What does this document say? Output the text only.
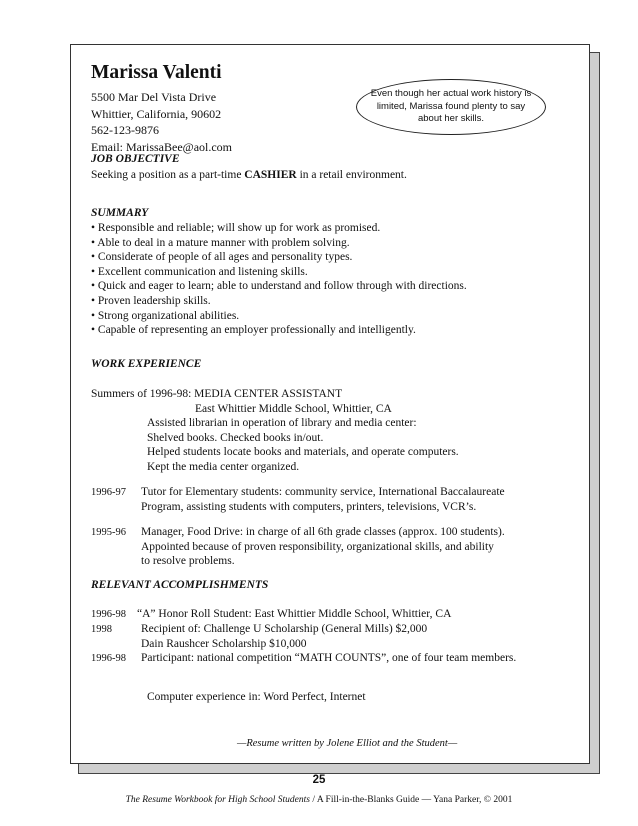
Marissa Valenti
5500 Mar Del Vista Drive
Whittier, California, 90602
562-123-9876
Email: MarissaBee@aol.com
Even though her actual work history is limited, Marissa found plenty to say about her skills.
JOB OBJECTIVE
Seeking a position as a part-time CASHIER in a retail environment.
SUMMARY
• Responsible and reliable; will show up for work as promised.
• Able to deal in a mature manner with problem solving.
• Considerate of people of all ages and personality types.
• Excellent communication and listening skills.
• Quick and eager to learn; able to understand and follow through with directions.
• Proven leadership skills.
• Strong organizational abilities.
• Capable of representing an employer professionally and intelligently.
WORK EXPERIENCE
Summers of 1996-98: MEDIA CENTER ASSISTANT
East Whittier Middle School, Whittier, CA
Assisted librarian in operation of library and media center:
Shelved books. Checked books in/out.
Helped students locate books and materials, and operate computers.
Kept the media center organized.
1996-97 Tutor for Elementary students: community service, International Baccalaureate
Program, assisting students with computers, printers, televisions, VCR’s.
1995-96 Manager, Food Drive: in charge of all 6th grade classes (approx. 100 students).
Appointed because of proven responsibility, organizational skills, and ability
to resolve problems.
RELEVANT ACCOMPLISHMENTS
1996-98 “A” Honor Roll Student: East Whittier Middle School, Whittier, CA
1998	Recipient of: Challenge U Scholarship (General Mills) $2,000
Dain Raushcer Scholarship $10,000
1996-98 Participant: national competition “MATH COUNTS”, one of four team members.
Computer experience in: Word Perfect, Internet
—Resume written by Jolene Elliot and the Student—
25
The Resume Workbook for High School Students / A Fill-in-the-Blanks Guide — Yana Parker, © 2001
